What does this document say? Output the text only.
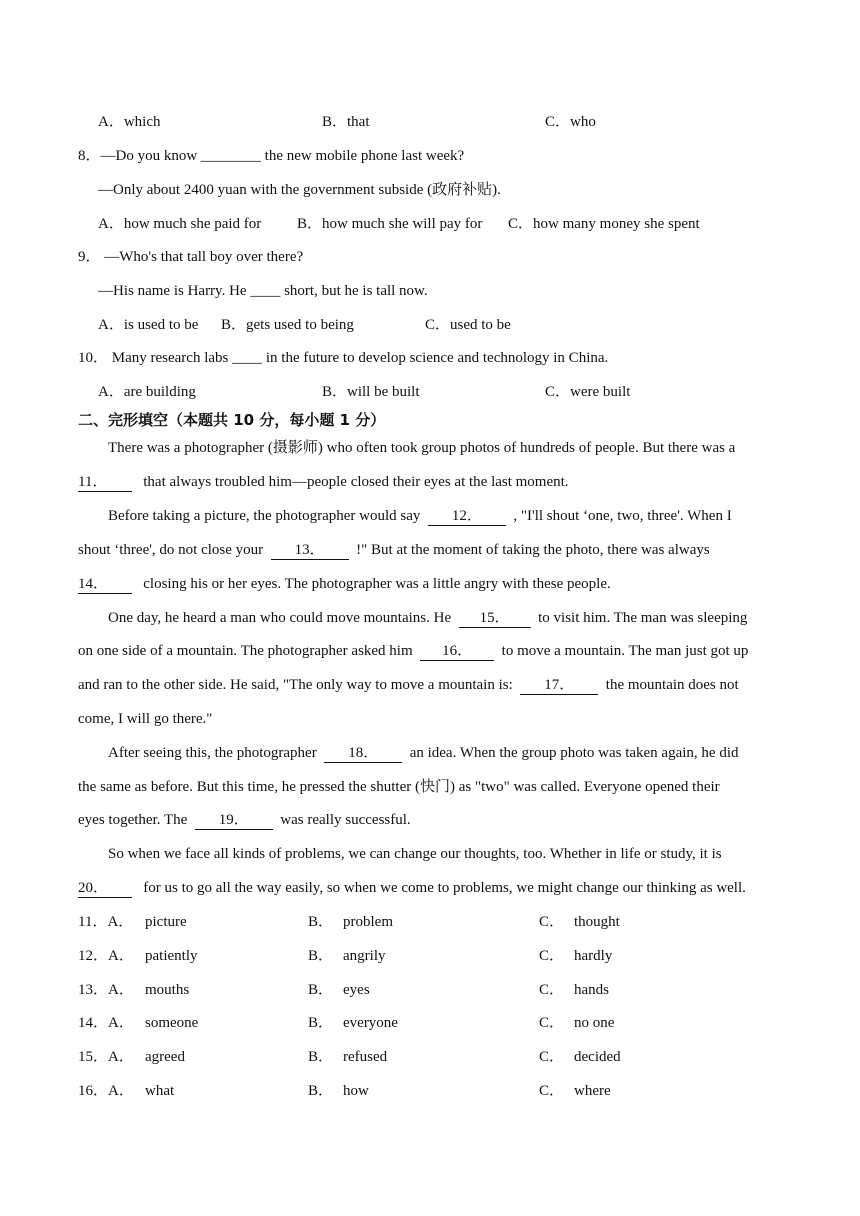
A．which	B．that	C．who
8．—Do you know ________ the new mobile phone last week?
—Only about 2400 yuan with the government subside (政府补贴).
A．how much she paid for B．how much she will pay for C．how many money she spent
9． —Who's that tall boy over there?
—His name is Harry. He ____ short, but he is tall now.
A．is used to be B．gets used to being	C．used to be
10． Many research labs ____ in the future to develop science and technology in China.
A．are building	B．will be built	C．were built
二、完形填空（本题共 10 分，每小题 1 分）
There was a photographer (摄影师) who often took group photos of hundreds of people. But there was a
11． that always troubled him—people closed their eyes at the last moment.
Before taking a picture, the photographer would say 12． , "I'll shout ‘one, two, three'. When I
shout ‘three', do not close your 13． !" But at the moment of taking the photo, there was always
14． closing his or her eyes. The photographer was a little angry with these people.
One day, he heard a man who could move mountains. He 15． to visit him. The man was sleeping
on one side of a mountain. The photographer asked him 16． to move a mountain. The man just got up
and ran to the other side. He said, "The only way to move a mountain is: 17． the mountain does not
come, I will go there."
After seeing this, the photographer 18． an idea. When the group photo was taken again, he did
the same as before. But this time, he pressed the shutter (快门) as "two" was called. Everyone opened their
eyes together. The 19． was really successful.
So when we face all kinds of problems, we can change our thoughts, too. Whether in life or study, it is
20． for us to go all the way easily, so when we come to problems, we might change our thinking as well.
11．A． picture	B． problem	C． thought
12．A． patiently	B． angrily	C． hardly
13．A． mouths	B． eyes	C． hands
14．A． someone	B． everyone	C． no one
15．A． agreed	B． refused	C． decided
16．A． what	B． how	C． where
